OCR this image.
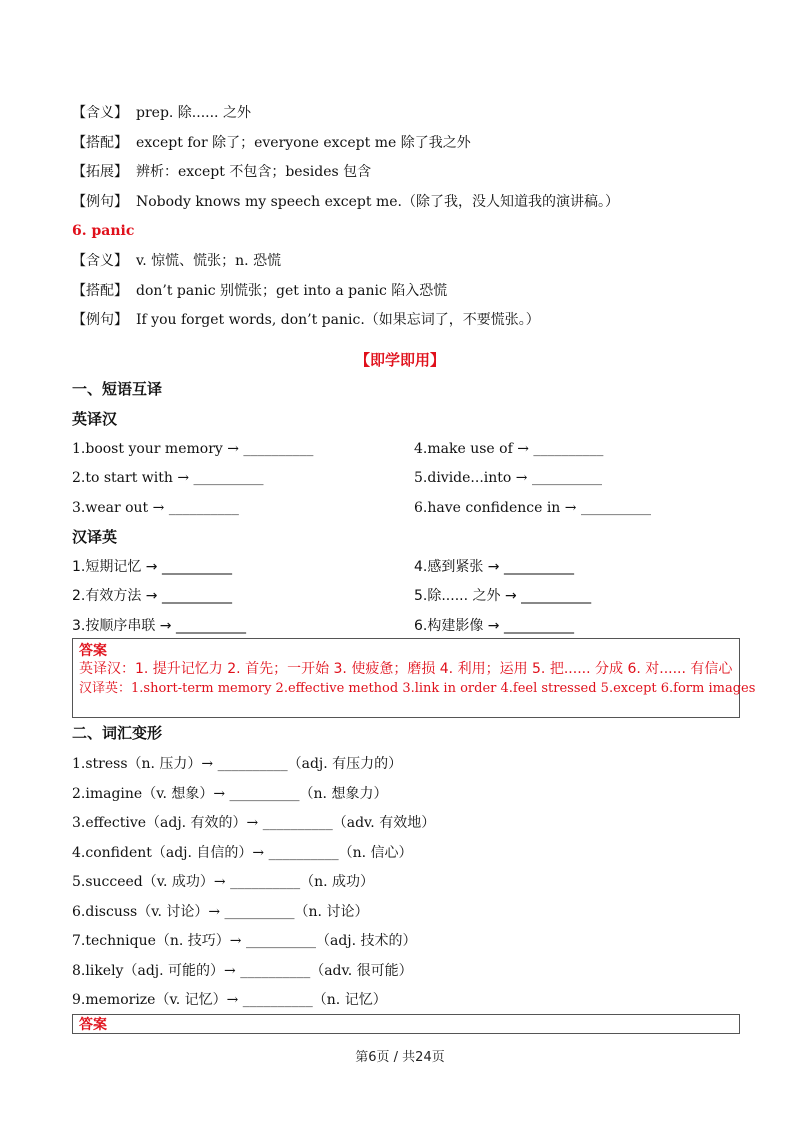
【含义】 prep. 除...... 之外
【搭配】 except for 除了；everyone except me 除了我之外
【拓展】 辨析：except 不包含；besides 包含
【例句】 Nobody knows my speech except me.（除了我，没人知道我的演讲稿。）
6. panic
【含义】 v. 惊慌、慌张；n. 恐慌
【搭配】 don’t panic 别慌张；get into a panic 陷入恐慌
【例句】 If you forget words, don’t panic.（如果忘词了，不要慌张。）
【即学即用】
一、短语互译
英译汉
1.boost your memory → __________	4.make use of → __________
2.to start with → __________	5.divide...into → __________
3.wear out → __________	6.have confidence in → __________
汉译英
1.短期记忆 → __________	4.感到紧张 → __________
2.有效方法 → __________	5.除...... 之外 → __________
3.按顺序串联 → __________	6.构建影像 → __________
答案
英译汉：1. 提升记忆力 2. 首先；一开始 3. 使疲惫；磨损 4. 利用；运用 5. 把...... 分成 6. 对...... 有信心
汉译英：1.short-term memory 2.effective method 3.link in order 4.feel stressed 5.except 6.form images
二、词汇变形
1.stress（n. 压力）→ __________（adj. 有压力的）
2.imagine（v. 想象）→ __________（n. 想象力）
3.effective（adj. 有效的）→ __________（adv. 有效地）
4.confident（adj. 自信的）→ __________（n. 信心）
5.succeed（v. 成功）→ __________（n. 成功）
6.discuss（v. 讨论）→ __________（n. 讨论）
7.technique（n. 技巧）→ __________（adj. 技术的）
8.likely（adj. 可能的）→ __________（adv. 很可能）
9.memorize（v. 记忆）→ __________（n. 记忆）
答案
第6页 / 共24页
